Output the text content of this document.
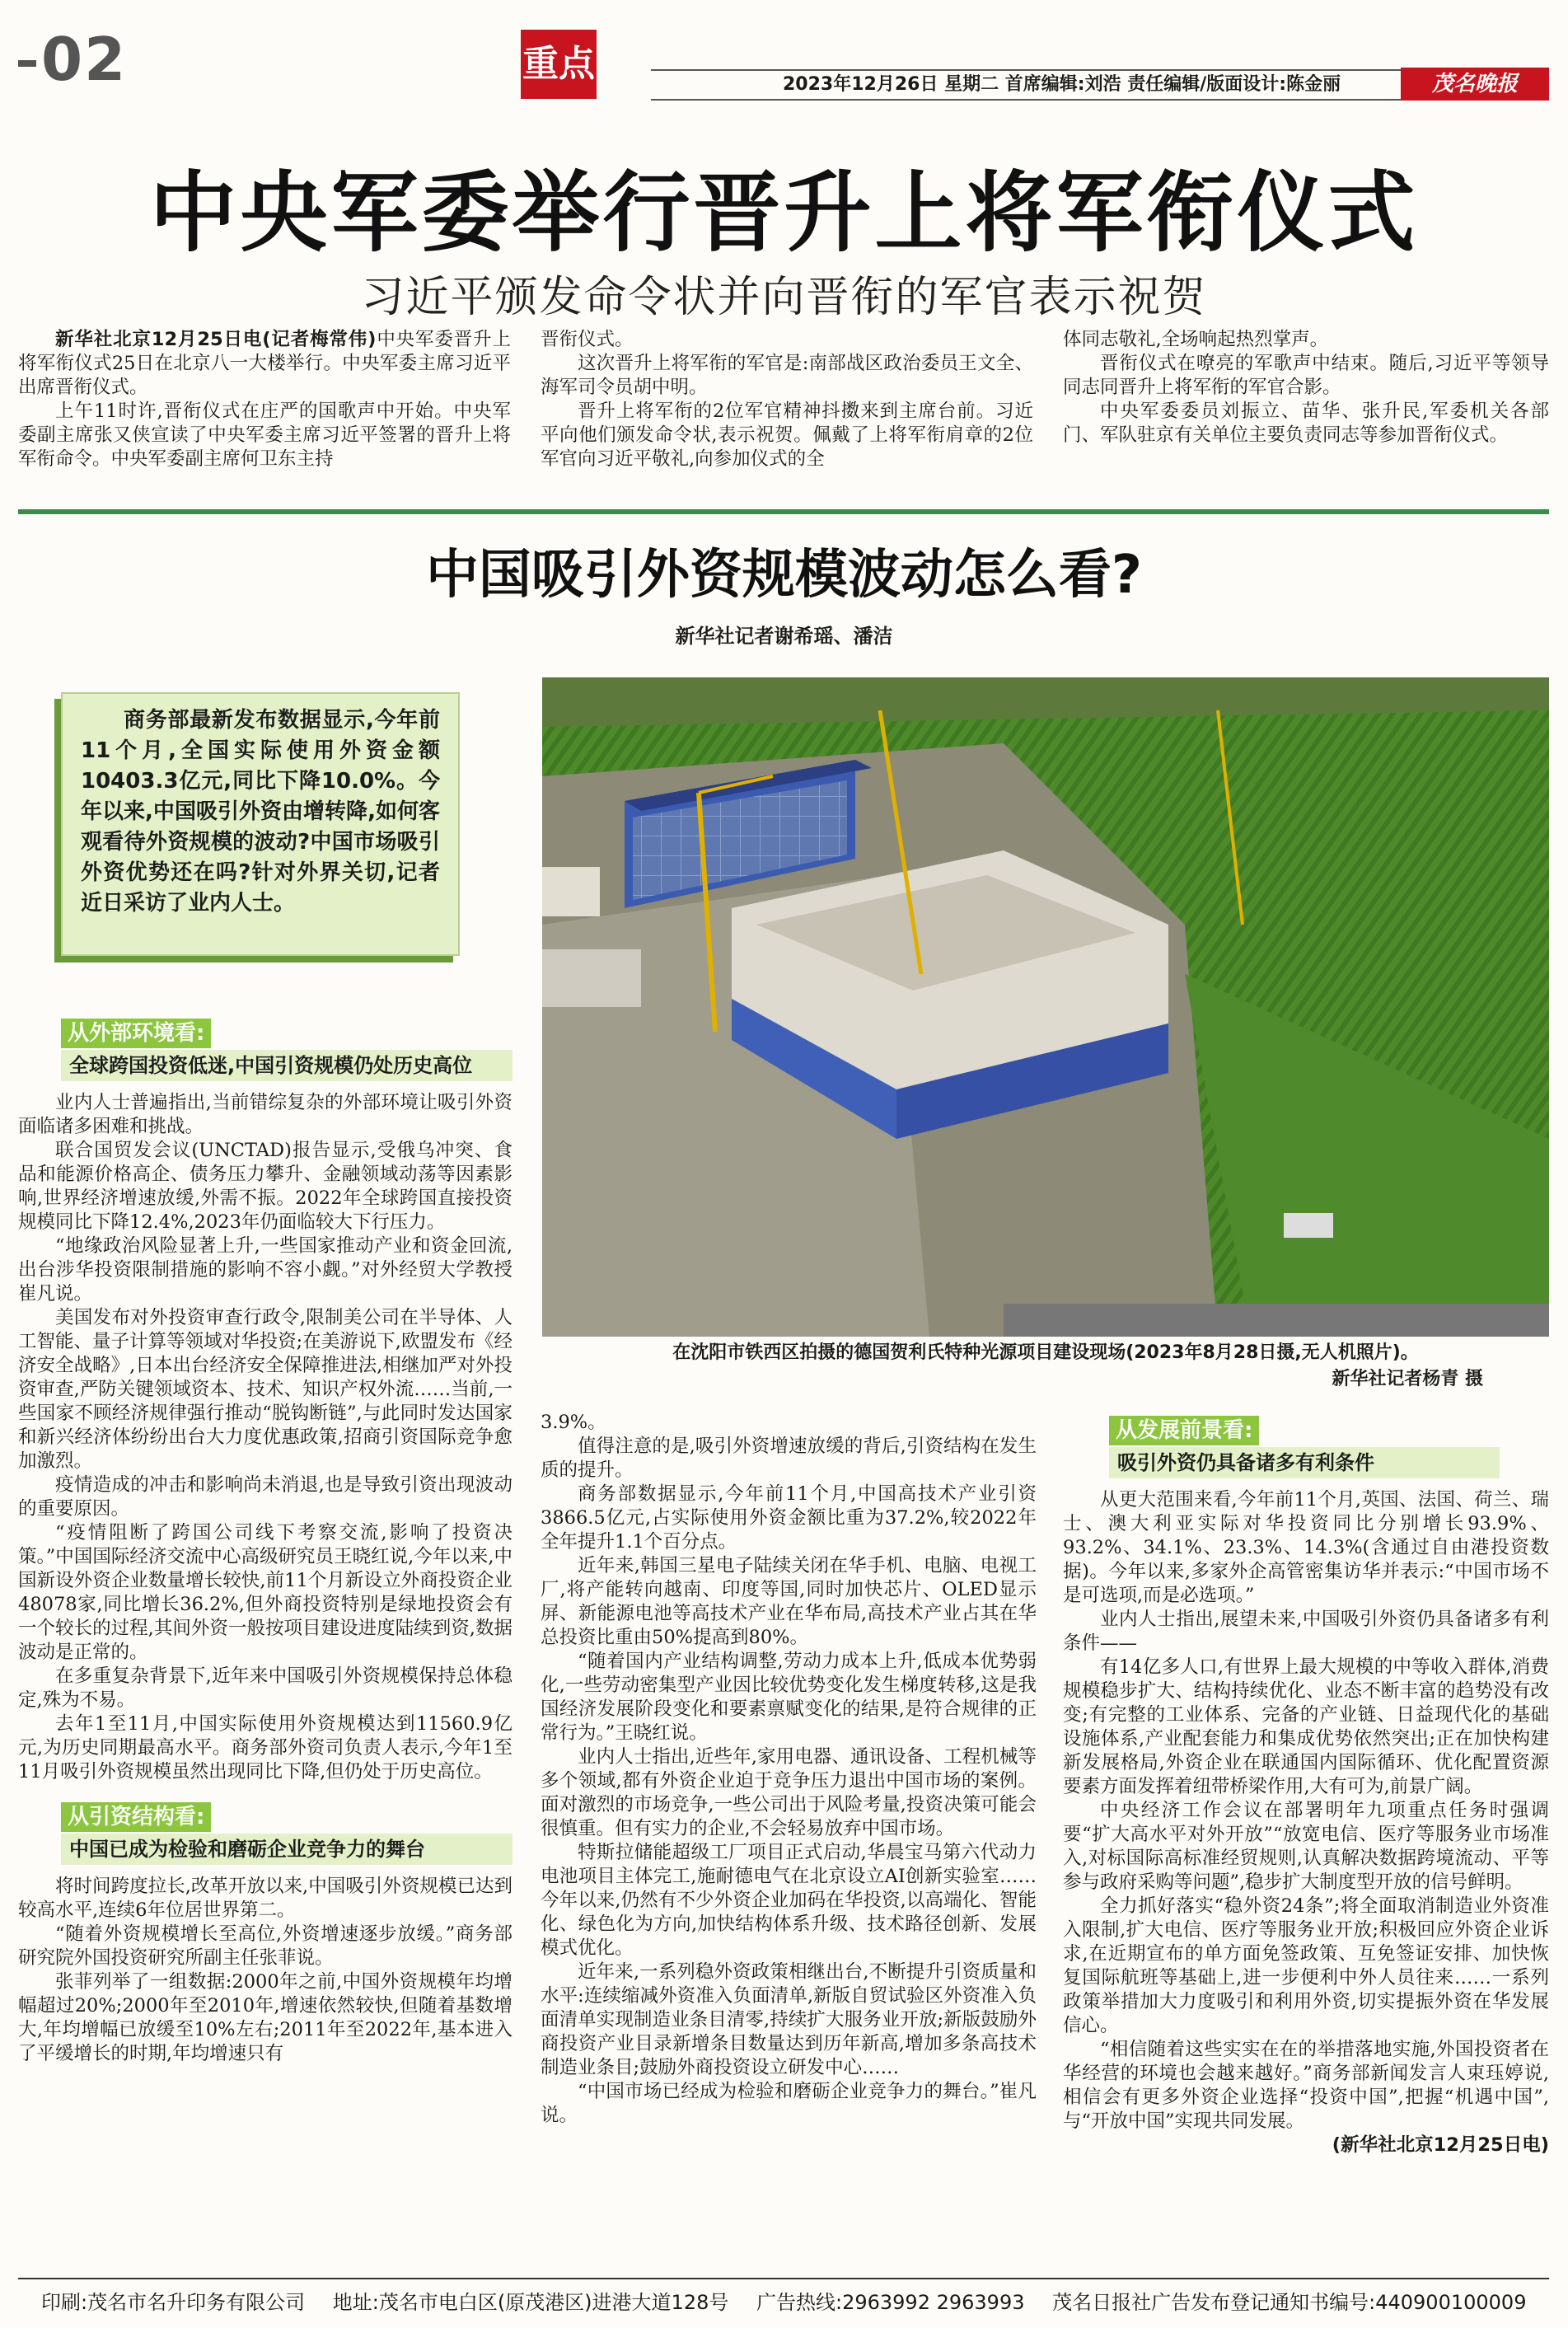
02	重点	2023年12月26日 星期二 首席编辑:刘浩 责任编辑/版面设计:陈金丽	茂名晚报
中央军委举行晋升上将军衔仪式
习近平颁发命令状并向晋衔的军官表示祝贺

新华社北京12月25日电(记者梅常伟)中央军委晋升上将军衔仪式25日在北京八一大楼举行。中央军委主席习近平出席晋衔仪式。

上午11时许,晋衔仪式在庄严的国歌声中开始。中央军委副主席张又侠宣读了中央军委主席习近平签署的晋升上将军衔命令。中央军委副主席何卫东主持

晋衔仪式。

这次晋升上将军衔的军官是:南部战区政治委员王文全、海军司令员胡中明。

晋升上将军衔的2位军官精神抖擞来到主席台前。习近平向他们颁发命令状,表示祝贺。佩戴了上将军衔肩章的2位军官向习近平敬礼,向参加仪式的全

体同志敬礼,全场响起热烈掌声。

晋衔仪式在嘹亮的军歌声中结束。随后,习近平等领导同志同晋升上将军衔的军官合影。

中央军委委员刘振立、苗华、张升民,军委机关各部门、军队驻京有关单位主要负责同志等参加晋衔仪式。

中国吸引外资规模波动怎么看?
新华社记者谢希瑶、潘洁

商务部最新发布数据显示,今年前11个月,全国实际使用外资金额10403.3亿元,同比下降10.0%。今年以来,中国吸引外资由增转降,如何客观看待外资规模的波动?中国市场吸引外资优势还在吗?针对外界关切,记者近日采访了业内人士。

在沈阳市铁西区拍摄的德国贺利氏特种光源项目建设现场(2023年8月28日摄,无人机照片)。
新华社记者杨青 摄
从外部环境看:
全球跨国投资低迷,中国引资规模仍处历史高位

业内人士普遍指出,当前错综复杂的外部环境让吸引外资面临诸多困难和挑战。

联合国贸发会议(UNCTAD)报告显示,受俄乌冲突、食品和能源价格高企、债务压力攀升、金融领域动荡等因素影响,世界经济增速放缓,外需不振。2022年全球跨国直接投资规模同比下降12.4%,2023年仍面临较大下行压力。

“地缘政治风险显著上升,一些国家推动产业和资金回流,出台涉华投资限制措施的影响不容小觑。”对外经贸大学教授崔凡说。

美国发布对外投资审查行政令,限制美公司在半导体、人工智能、量子计算等领域对华投资;在美游说下,欧盟发布《经济安全战略》,日本出台经济安全保障推进法,相继加严对外投资审查,严防关键领域资本、技术、知识产权外流……当前,一些国家不顾经济规律强行推动“脱钩断链”,与此同时发达国家和新兴经济体纷纷出台大力度优惠政策,招商引资国际竞争愈加激烈。

疫情造成的冲击和影响尚未消退,也是导致引资出现波动的重要原因。

“疫情阻断了跨国公司线下考察交流,影响了投资决策。”中国国际经济交流中心高级研究员王晓红说,今年以来,中国新设外资企业数量增长较快,前11个月新设立外商投资企业48078家,同比增长36.2%,但外商投资特别是绿地投资会有一个较长的过程,其间外资一般按项目建设进度陆续到资,数据波动是正常的。

在多重复杂背景下,近年来中国吸引外资规模保持总体稳定,殊为不易。

去年1至11月,中国实际使用外资规模达到11560.9亿元,为历史同期最高水平。商务部外资司负责人表示,今年1至11月吸引外资规模虽然出现同比下降,但仍处于历史高位。

从引资结构看:
中国已成为检验和磨砺企业竞争力的舞台

将时间跨度拉长,改革开放以来,中国吸引外资规模已达到较高水平,连续6年位居世界第二。

“随着外资规模增长至高位,外资增速逐步放缓。”商务部研究院外国投资研究所副主任张菲说。

张菲列举了一组数据:2000年之前,中国外资规模年均增幅超过20%;2000年至2010年,增速依然较快,但随着基数增大,年均增幅已放缓至10%左右;2011年至2022年,基本进入了平缓增长的时期,年均增速只有

3.9%。

值得注意的是,吸引外资增速放缓的背后,引资结构在发生质的提升。

商务部数据显示,今年前11个月,中国高技术产业引资3866.5亿元,占实际使用外资金额比重为37.2%,较2022年全年提升1.1个百分点。

近年来,韩国三星电子陆续关闭在华手机、电脑、电视工厂,将产能转向越南、印度等国,同时加快芯片、OLED显示屏、新能源电池等高技术产业在华布局,高技术产业占其在华总投资比重由50%提高到80%。

“随着国内产业结构调整,劳动力成本上升,低成本优势弱化,一些劳动密集型产业因比较优势变化发生梯度转移,这是我国经济发展阶段变化和要素禀赋变化的结果,是符合规律的正常行为。”王晓红说。

业内人士指出,近些年,家用电器、通讯设备、工程机械等多个领域,都有外资企业迫于竞争压力退出中国市场的案例。面对激烈的市场竞争,一些公司出于风险考量,投资决策可能会很慎重。但有实力的企业,不会轻易放弃中国市场。

特斯拉储能超级工厂项目正式启动,华晨宝马第六代动力电池项目主体完工,施耐德电气在北京设立AI创新实验室……今年以来,仍然有不少外资企业加码在华投资,以高端化、智能化、绿色化为方向,加快结构体系升级、技术路径创新、发展模式优化。

近年来,一系列稳外资政策相继出台,不断提升引资质量和水平:连续缩减外资准入负面清单,新版自贸试验区外资准入负面清单实现制造业条目清零,持续扩大服务业开放;新版鼓励外商投资产业目录新增条目数量达到历年新高,增加多条高技术制造业条目;鼓励外商投资设立研发中心……

“中国市场已经成为检验和磨砺企业竞争力的舞台。”崔凡说。

从发展前景看:
吸引外资仍具备诸多有利条件

从更大范围来看,今年前11个月,英国、法国、荷兰、瑞士、澳大利亚实际对华投资同比分别增长93.9%、93.2%、34.1%、23.3%、14.3%(含通过自由港投资数据)。今年以来,多家外企高管密集访华并表示:“中国市场不是可选项,而是必选项。”

业内人士指出,展望未来,中国吸引外资仍具备诸多有利条件——

有14亿多人口,有世界上最大规模的中等收入群体,消费规模稳步扩大、结构持续优化、业态不断丰富的趋势没有改变;有完整的工业体系、完备的产业链、日益现代化的基础设施体系,产业配套能力和集成优势依然突出;正在加快构建新发展格局,外资企业在联通国内国际循环、优化配置资源要素方面发挥着纽带桥梁作用,大有可为,前景广阔。

中央经济工作会议在部署明年九项重点任务时强调要“扩大高水平对外开放”“放宽电信、医疗等服务业市场准入,对标国际高标准经贸规则,认真解决数据跨境流动、平等参与政府采购等问题”,稳步扩大制度型开放的信号鲜明。

全力抓好落实“稳外资24条”;将全面取消制造业外资准入限制,扩大电信、医疗等服务业开放;积极回应外资企业诉求,在近期宣布的单方面免签政策、互免签证安排、加快恢复国际航班等基础上,进一步便利中外人员往来……一系列政策举措加大力度吸引和利用外资,切实提振外资在华发展信心。

“相信随着这些实实在在的举措落地实施,外国投资者在华经营的环境也会越来越好。”商务部新闻发言人束珏婷说,相信会有更多外资企业选择“投资中国”,把握“机遇中国”,与“开放中国”实现共同发展。

(新华社北京12月25日电)

印刷:茂名市名升印务有限公司 地址:茂名市电白区(原茂港区)进港大道128号 广告热线:2963992 2963993 茂名日报社广告发布登记通知书编号:440900100009
